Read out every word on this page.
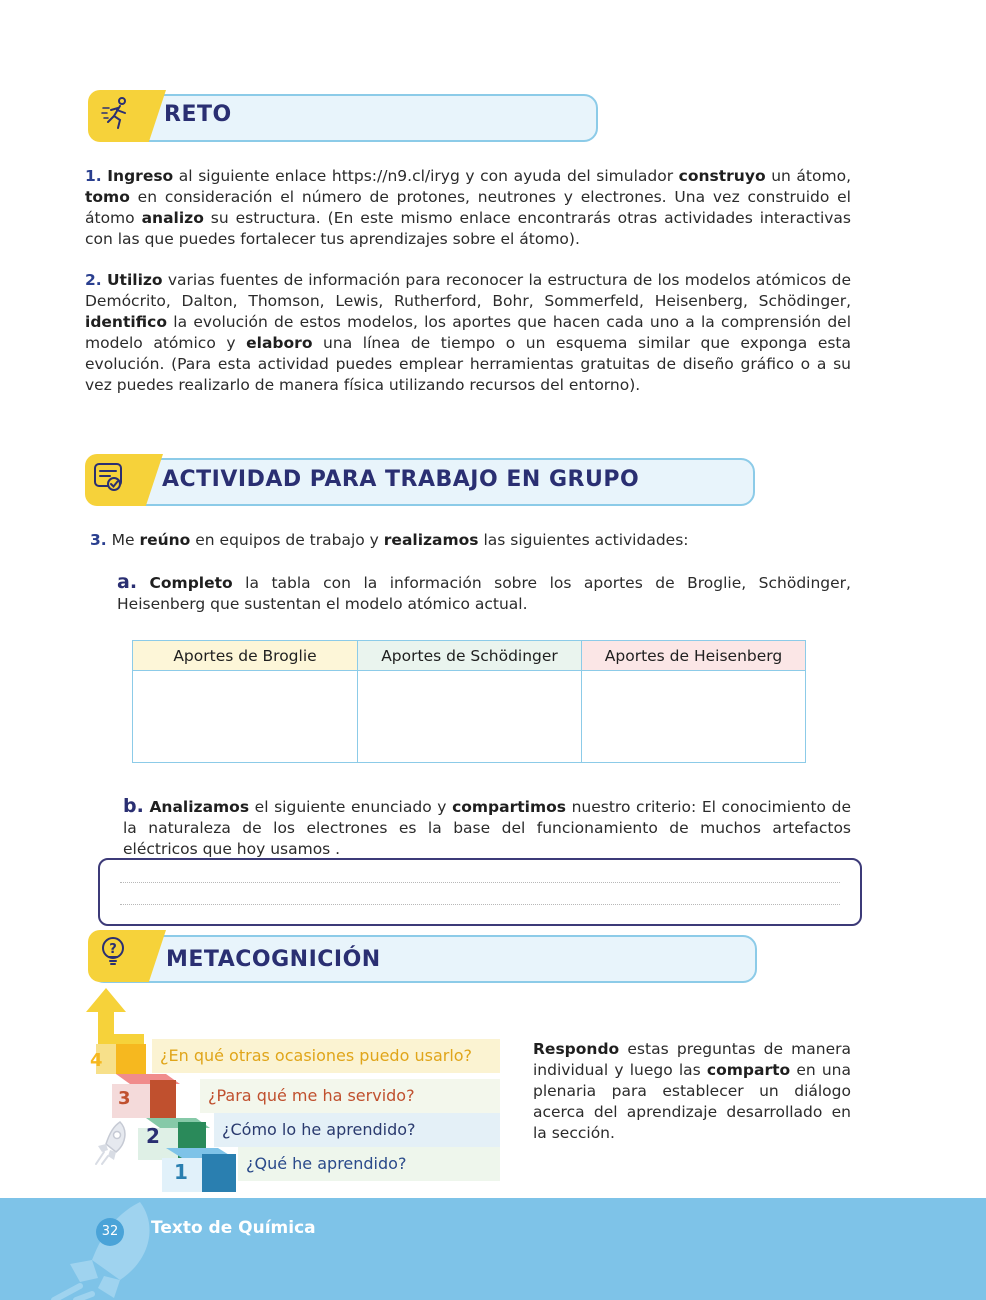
RETO
1. Ingreso al siguiente enlace https://n9.cl/iryg y con ayuda del simulador construyo un átomo, tomo en consideración el número de protones, neutrones y electrones. Una vez construido el átomo analizo su estructura. (En este mismo enlace encontrarás otras actividades interactivas con las que puedes fortalecer tus aprendizajes sobre el átomo).
2. Utilizo varias fuentes de información para reconocer la estructura de los modelos atómicos de Demócrito, Dalton, Thomson, Lewis, Rutherford, Bohr, Sommerfeld, Heisenberg, Schödinger, identifico la evolución de estos modelos, los aportes que hacen cada uno a la comprensión del modelo atómico y elaboro una línea de tiempo o un esquema similar que exponga esta evolución. (Para esta actividad puedes emplear herramientas gratuitas de diseño gráfico o a su vez puedes realizarlo de manera física utilizando recursos del entorno).
ACTIVIDAD PARA TRABAJO EN GRUPO
3. Me reúno en equipos de trabajo y realizamos las siguientes actividades:
a. Completo la tabla con la información sobre los aportes de Broglie, Schödinger, Heisenberg que sustentan el modelo atómico actual.
Aportes de Broglie	Aportes de Schödinger	Aportes de Heisenberg

b. Analizamos el siguiente enunciado y compartimos nuestro criterio: El conocimiento de la naturaleza de los electrones es la base del funcionamiento de muchos artefactos eléctricos que hoy usamos .
? METACOGNICIÓN
¿En qué otras ocasiones puedo usarlo?
¿Para qué me ha servido?
¿Cómo lo he aprendido?
¿Qué he aprendido?
4
3
2
1
Respondo estas preguntas de manera individual y luego las comparto en una plenaria para establecer un diálogo acerca del aprendizaje desarrollado en la sección.
32	Texto de Química
